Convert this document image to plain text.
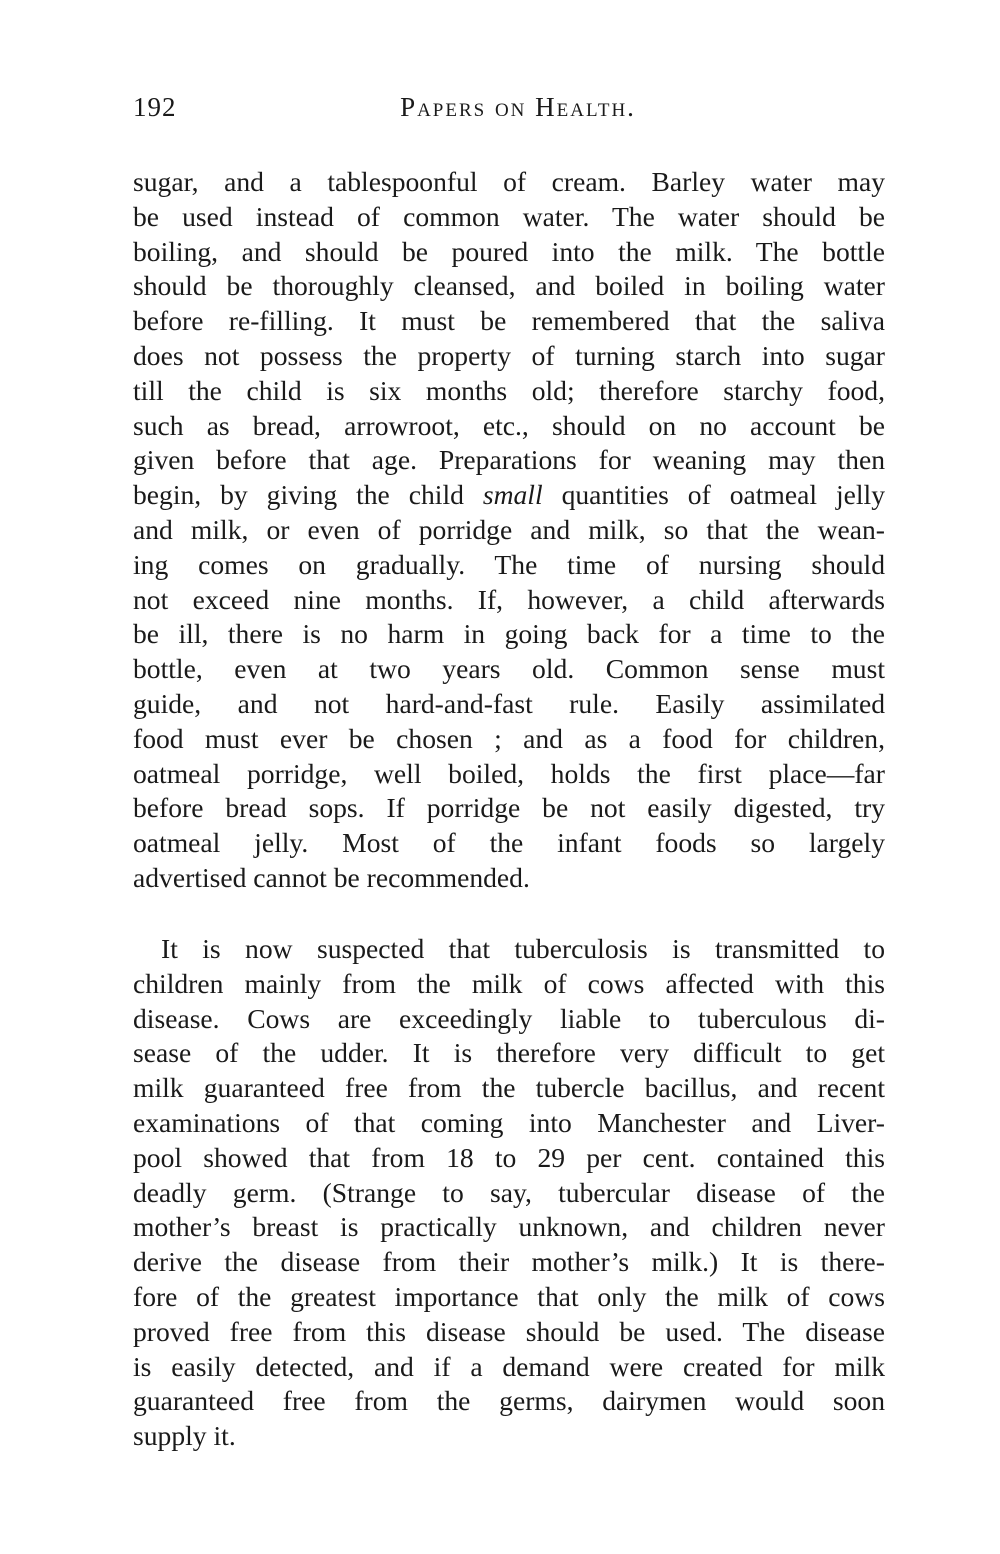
192	Papers on Health.
sugar, and a tablespoonful of cream. Barley water may
be used instead of common water. The water should be
boiling, and should be poured into the milk. The bottle
should be thoroughly cleansed, and boiled in boiling water
before re-filling. It must be remembered that the saliva
does not possess the property of turning starch into sugar
till the child is six months old; therefore starchy food,
such as bread, arrowroot, etc., should on no account be
given before that age. Preparations for weaning may then
begin, by giving the child small quantities of oatmeal jelly
and milk, or even of porridge and milk, so that the wean-
ing comes on gradually. The time of nursing should
not exceed nine months. If, however, a child afterwards
be ill, there is no harm in going back for a time to the
bottle, even at two years old. Common sense must
guide, and not hard-and-fast rule. Easily assimilated
food must ever be chosen ; and as a food for children,
oatmeal porridge, well boiled, holds the first place—far
before bread sops. If porridge be not easily digested, try
oatmeal jelly. Most of the infant foods so largely
advertised cannot be recommended.
It is now suspected that tuberculosis is transmitted to
children mainly from the milk of cows affected with this
disease. Cows are exceedingly liable to tuberculous di-
sease of the udder. It is therefore very difficult to get
milk guaranteed free from the tubercle bacillus, and recent
examinations of that coming into Manchester and Liver-
pool showed that from 18 to 29 per cent. contained this
deadly germ. (Strange to say, tubercular disease of the
mother’s breast is practically unknown, and children never
derive the disease from their mother’s milk.) It is there-
fore of the greatest importance that only the milk of cows
proved free from this disease should be used. The disease
is easily detected, and if a demand were created for milk
guaranteed free from the germs, dairymen would soon
supply it.
